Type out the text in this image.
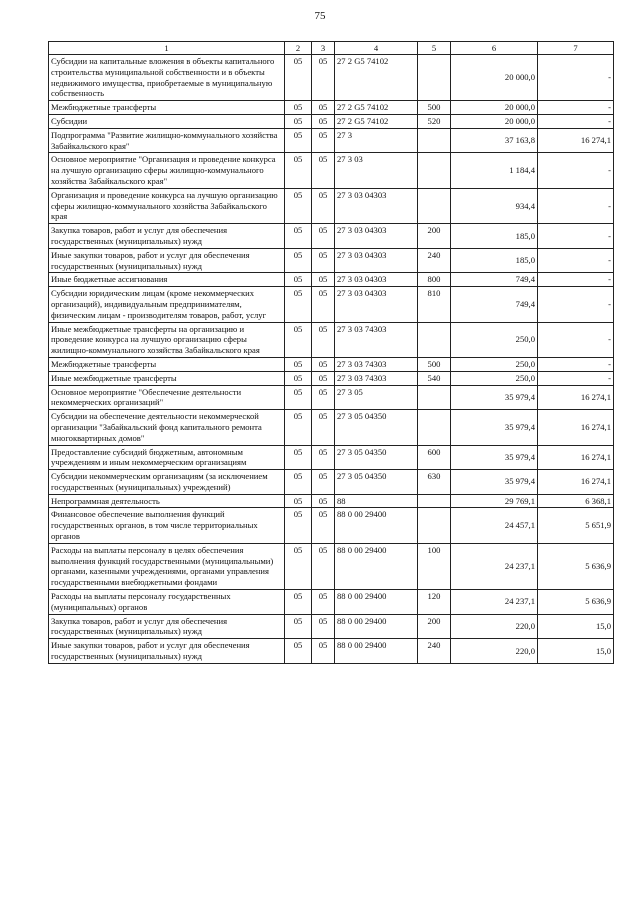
75
1	2	3	4	5	6	7
Субсидии на капитальные вложения в объекты капитального строительства муниципальной собственности и в объекты недвижимого имущества, приобретаемые в муниципальную собственность	05	05	27 2 G5 74102		20 000,0	-
Межбюджетные трансферты	05	05	27 2 G5 74102	500	20 000,0	-
Субсидии	05	05	27 2 G5 74102	520	20 000,0	-
Подпрограмма "Развитие жилищно-коммунального хозяйства Забайкальского края"	05	05	27 3		37 163,8	16 274,1
Основное мероприятие "Организация и проведение конкурса на лучшую организацию сферы жилищно-коммунального хозяйства Забайкальского края"	05	05	27 3 03		1 184,4	-
Организация и проведение конкурса на лучшую организацию сферы жилищно-коммунального хозяйства Забайкальского края	05	05	27 3 03 04303		934,4	-
Закупка товаров, работ и услуг для обеспечения государственных (муниципальных) нужд	05	05	27 3 03 04303	200	185,0	-
Иные закупки товаров, работ и услуг для обеспечения государственных (муниципальных) нужд	05	05	27 3 03 04303	240	185,0	-
Иные бюджетные ассигнования	05	05	27 3 03 04303	800	749,4	-
Субсидии юридическим лицам (кроме некоммерческих организаций), индивидуальным предпринимателям, физическим лицам - производителям товаров, работ, услуг	05	05	27 3 03 04303	810	749,4	-
Иные межбюджетные трансферты на организацию и проведение конкурса на лучшую организацию сферы жилищно-коммунального хозяйства Забайкальского края	05	05	27 3 03 74303		250,0	-
Межбюджетные трансферты	05	05	27 3 03 74303	500	250,0	-
Иные межбюджетные трансферты	05	05	27 3 03 74303	540	250,0	-
Основное мероприятие "Обеспечение деятельности некоммерческих организаций"	05	05	27 3 05		35 979,4	16 274,1
Субсидии на обеспечение деятельности некоммерческой организации "Забайкальский фонд капитального ремонта многоквартирных домов"	05	05	27 3 05 04350		35 979,4	16 274,1
Предоставление субсидий бюджетным, автономным учреждениям и иным некоммерческим организациям	05	05	27 3 05 04350	600	35 979,4	16 274,1
Субсидии некоммерческим организациям (за исключением государственных (муниципальных) учреждений)	05	05	27 3 05 04350	630	35 979,4	16 274,1
Непрограммная деятельность	05	05	88		29 769,1	6 368,1
Финансовое обеспечение выполнения функций государственных органов, в том числе территориальных органов	05	05	88 0 00 29400		24 457,1	5 651,9
Расходы на выплаты персоналу в целях обеспечения выполнения функций государственными (муниципальными) органами, казенными учреждениями, органами управления государственными внебюджетными фондами	05	05	88 0 00 29400	100	24 237,1	5 636,9
Расходы на выплаты персоналу государственных (муниципальных) органов	05	05	88 0 00 29400	120	24 237,1	5 636,9
Закупка товаров, работ и услуг для обеспечения государственных (муниципальных) нужд	05	05	88 0 00 29400	200	220,0	15,0
Иные закупки товаров, работ и услуг для обеспечения государственных (муниципальных) нужд	05	05	88 0 00 29400	240	220,0	15,0
